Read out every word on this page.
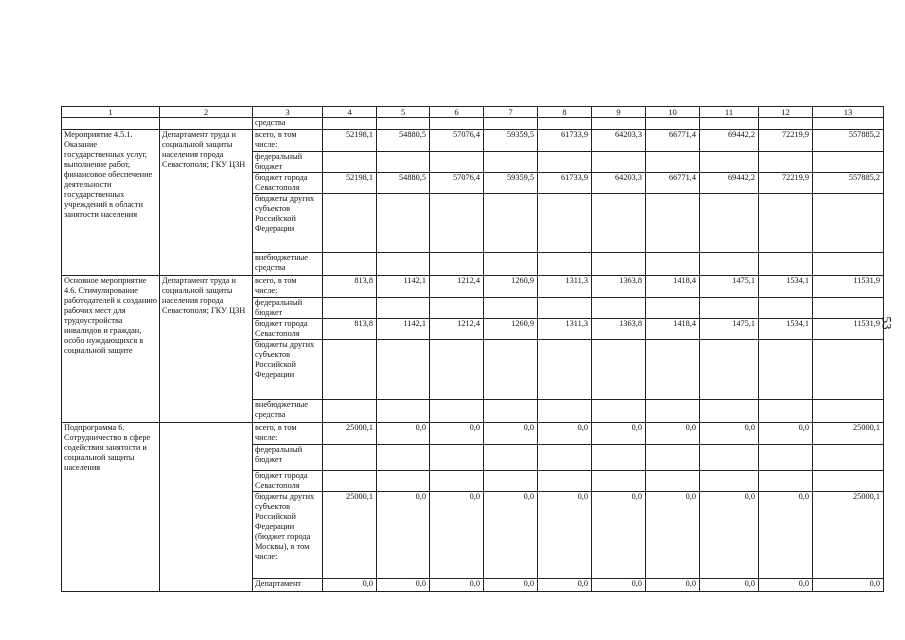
1	2	3	4	5	6	7	8	9	10	11	12	13
		средства										
Мероприятие 4.5.1. Оказание государственных услуг, выполнение работ, финансовое обеспечение деятельности государственных учреждений в области занятости населения	Департамент труда и социальной защиты населения города Севастополя; ГКУ ЦЗН	всего, в том числе:	52198,1	54880,5	57076,4	59359,5	61733,9	64203,3	66771,4	69442,2	72219,9	557885,2
		федеральный бюджет										
		бюджет города Севастополя	52198,1	54880,5	57076,4	59359,5	61733,9	64203,3	66771,4	69442,2	72219,9	557885,2
		бюджеты других субъектов Российской Федерации										
		внебюджетные средства										
Основное мероприятие 4.6. Стимулирование работодателей к созданию рабочих мест для трудоустройства инвалидов и граждан, особо нуждающихся в социальной защите	Департамент труда и социальной защиты населения города Севастополя; ГКУ ЦЗН	всего, в том числе:	813,8	1142,1	1212,4	1260,9	1311,3	1363,8	1418,4	1475,1	1534,1	11531,9
		федеральный бюджет										
		бюджет города Севастополя	813,8	1142,1	1212,4	1260,9	1311,3	1363,8	1418,4	1475,1	1534,1	11531,9
		бюджеты других субъектов Российской Федерации										
		внебюджетные средства										
Подпрограмма 6. Сотрудничество в сфере содействия занятости и социальной защиты населения		всего, в том числе:	25000,1	0,0	0,0	0,0	0,0	0,0	0,0	0,0	0,0	25000,1
		федеральный бюджет										
		бюджет города Севастополя										
		бюджеты других субъектов Российской Федерации (бюджет города Москвы), в том числе:	25000,1	0,0	0,0	0,0	0,0	0,0	0,0	0,0	0,0	25000,1
		Департамент	0,0	0,0	0,0	0,0	0,0	0,0	0,0	0,0	0,0	0,0
53
